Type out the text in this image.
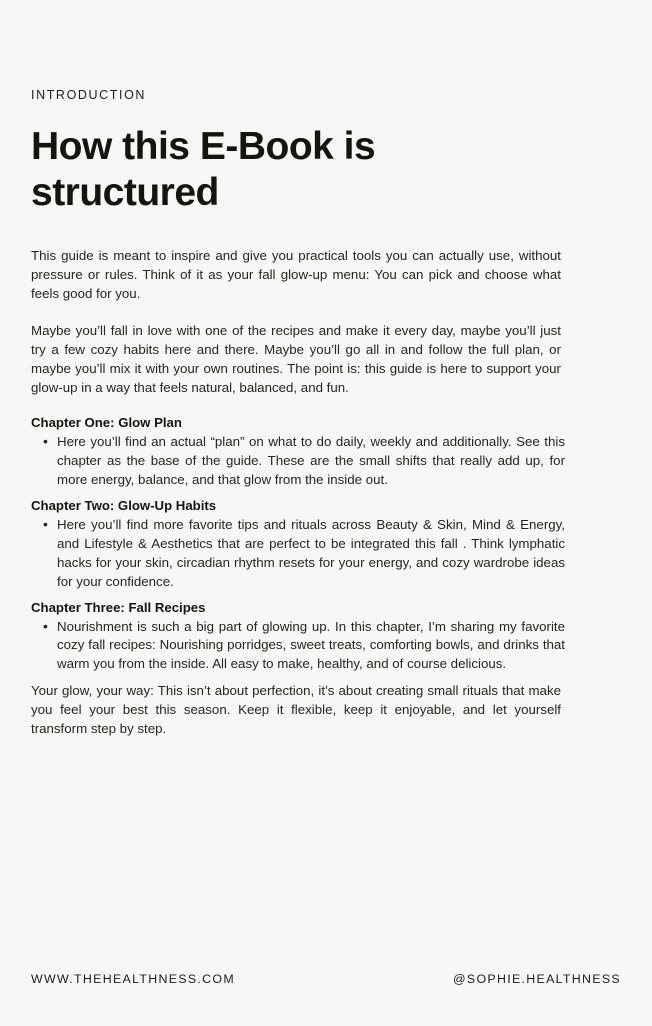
INTRODUCTION
How this E-Book is structured

This guide is meant to inspire and give you practical tools you can actually use, without pressure or rules. Think of it as your fall glow-up menu: You can pick and choose what feels good for you.

Maybe you’ll fall in love with one of the recipes and make it every day, maybe you’ll just try a few cozy habits here and there. Maybe you’ll go all in and follow the full plan, or maybe you’ll mix it with your own routines. The point is: this guide is here to support your glow-up in a way that feels natural, balanced, and fun.

Chapter One: Glow Plan
• Here you’ll find an actual “plan” on what to do daily, weekly and additionally. See this chapter as the base of the guide. These are the small shifts that really add up, for more energy, balance, and that glow from the inside out.
Chapter Two: Glow-Up Habits
• Here you’ll find more favorite tips and rituals across Beauty & Skin, Mind & Energy, and Lifestyle & Aesthetics that are perfect to be integrated this fall . Think lymphatic hacks for your skin, circadian rhythm resets for your energy, and cozy wardrobe ideas for your confidence.
Chapter Three: Fall Recipes
• Nourishment is such a big part of glowing up. In this chapter, I’m sharing my favorite cozy fall recipes: Nourishing porridges, sweet treats, comforting bowls, and drinks that warm you from the inside. All easy to make, healthy, and of course delicious.

Your glow, your way: This isn’t about perfection, it’s about creating small rituals that make you feel your best this season. Keep it flexible, keep it enjoyable, and let yourself transform step by step.

WWW.THEHEALTHNESS.COM	@SOPHIE.HEALTHNESS
